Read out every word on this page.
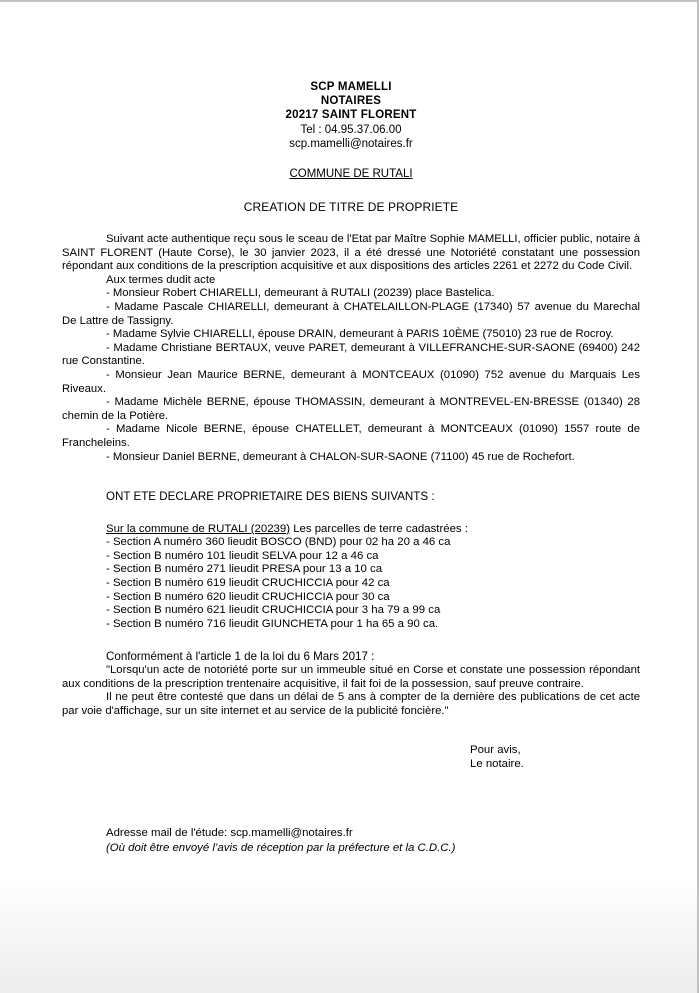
SCP MAMELLI
NOTAIRES
20217 SAINT FLORENT
Tel : 04.95.37.06.00
scp.mamelli@notaires.fr
COMMUNE DE RUTALI
CREATION DE TITRE DE PROPRIETE

Suivant acte authentique reçu sous le sceau de l'Etat par Maître Sophie MAMELLI, officier public, notaire à SAINT FLORENT (Haute Corse), le 30 janvier 2023, il a été dressé une Notoriété constatant une possession répondant aux conditions de la prescription acquisitive et aux dispositions des articles 2261 et 2272 du Code Civil.

Aux termes dudit acte

- Monsieur Robert CHIARELLI, demeurant à RUTALI (20239) place Bastelica.

- Madame Pascale CHIARELLI, demeurant à CHATELAILLON-PLAGE (17340) 57 avenue du Marechal De Lattre de Tassigny.

- Madame Sylvie CHIARELLI, épouse DRAIN, demeurant à PARIS 10ÈME (75010) 23 rue de Rocroy.

- Madame Christiane BERTAUX, veuve PARET, demeurant à VILLEFRANCHE-SUR-SAONE (69400) 242 rue Constantine.

- Monsieur Jean Maurice BERNE, demeurant à MONTCEAUX (01090) 752 avenue du Marquais Les Riveaux.

- Madame Michèle BERNE, épouse THOMASSIN, demeurant à MONTREVEL-EN-BRESSE (01340) 28 chemin de la Potière.

- Madame Nicole BERNE, épouse CHATELLET, demeurant à MONTCEAUX (01090) 1557 route de Francheleins.

- Monsieur Daniel BERNE, demeurant à CHALON-SUR-SAONE (71100) 45 rue de Rochefort.

ONT ETE DECLARE PROPRIETAIRE DES BIENS SUIVANTS :

Sur la commune de RUTALI (20239) Les parcelles de terre cadastrées :

- Section A numéro 360 lieudit BOSCO (BND) pour 02 ha 20 a 46 ca

- Section B numéro 101 lieudit SELVA pour 12 a 46 ca

- Section B numéro 271 lieudit PRESA pour 13 a 10 ca

- Section B numéro 619 lieudit CRUCHICCIA pour 42 ca

- Section B numéro 620 lieudit CRUCHICCIA pour 30 ca

- Section B numéro 621 lieudit CRUCHICCIA pour 3 ha 79 a 99 ca

- Section B numéro 716 lieudit GIUNCHETA pour 1 ha 65 a 90 ca.

Conformément à l'article 1 de la loi du 6 Mars 2017 :

"Lorsqu'un acte de notoriété porte sur un immeuble situé en Corse et constate une possession répondant aux conditions de la prescription trentenaire acquisitive, il fait foi de la possession, sauf preuve contraire.

Il ne peut être contesté que dans un délai de 5 ans à compter de la dernière des publications de cet acte par voie d'affichage, sur un site internet et au service de la publicité foncière."

Pour avis,

Le notaire.

Adresse mail de l'étude: scp.mamelli@notaires.fr

(Où doit être envoyé l’avis de réception par la préfecture et la C.D.C.)
